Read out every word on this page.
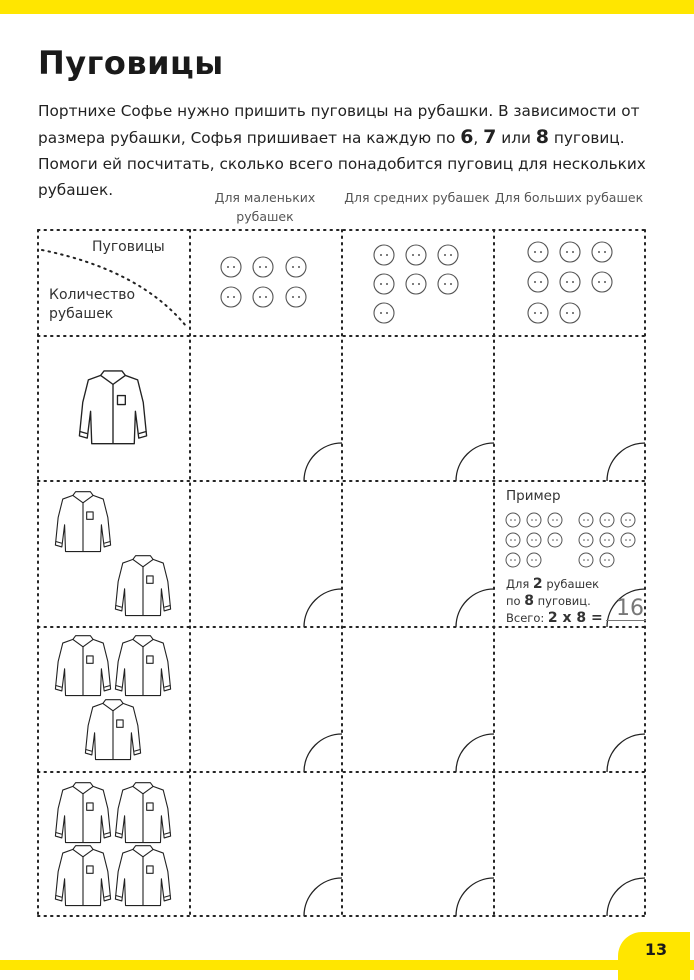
Пуговицы

Портнихе Софье нужно пришить пуговицы на рубашки. В зависимости от размера рубашки, Софья пришивает на каждую по 6, 7 или 8 пуговиц. Помоги ей посчитать, сколько всего понадобится пуговиц для нескольких рубашек.	Для маленьких рубашек
Для средних рубашек Для больших рубашек
Пуговицы
Количество рубашек
Пример
Для 2 рубашек
по 8 пуговиц.
Всего: 2 х 8 = 16
13
